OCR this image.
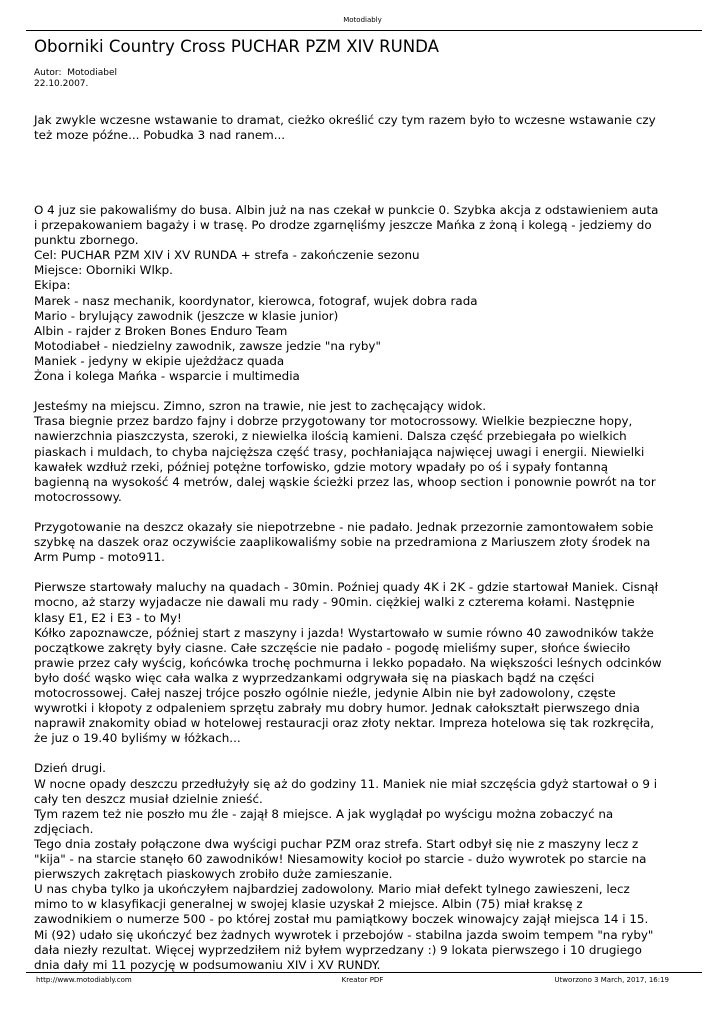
Motodiably
Oborniki Country Cross PUCHAR PZM XIV RUNDA
Autor:  Motodiabel
22.10.2007.
Jak zwykle wczesne wstawanie to dramat, cieżko określić czy tym razem było to wczesne wstawanie czy
też moze późne... Pobudka 3 nad ranem...
O 4 juz sie pakowaliśmy do busa. Albin już na nas czekał w punkcie 0. Szybka akcja z odstawieniem auta
i przepakowaniem bagaży i w trasę. Po drodze zgarnęliśmy jeszcze Mańka z żoną i kolegą - jedziemy do
punktu zbornego.
Cel: PUCHAR PZM XIV i XV RUNDA + strefa - zakończenie sezonu
Miejsce: Oborniki Wlkp.
Ekipa:
Marek - nasz mechanik, koordynator, kierowca, fotograf, wujek dobra rada
Mario - brylujący zawodnik (jeszcze w klasie junior)
Albin - rajder z Broken Bones Enduro Team
Motodiabeł - niedzielny zawodnik, zawsze jedzie "na ryby"
Maniek - jedyny w ekipie ujeżdżacz quada
Żona i kolega Mańka - wsparcie i multimedia
Jesteśmy na miejscu. Zimno, szron na trawie, nie jest to zachęcający widok.
Trasa biegnie przez bardzo fajny i dobrze przygotowany tor motocrossowy. Wielkie bezpieczne hopy,
nawierzchnia piaszczysta, szeroki, z niewielka ilością kamieni. Dalsza część przebiegała po wielkich
piaskach i muldach, to chyba najcięższa część trasy, pochłaniająca najwięcej uwagi i energii. Niewielki
kawałek wzdłuż rzeki, później potężne torfowisko, gdzie motory wpadały po oś i sypały fontanną
bagienną na wysokość 4 metrów, dalej wąskie ścieżki przez las, whoop section i ponownie powrót na tor
motocrossowy.
Przygotowanie na deszcz okazały sie niepotrzebne - nie padało. Jednak przezornie zamontowałem sobie
szybkę na daszek oraz oczywiście zaaplikowaliśmy sobie na przedramiona z Mariuszem złoty środek na
Arm Pump - moto911.
Pierwsze startowały maluchy na quadach - 30min. Poźniej quady 4K i 2K - gdzie startował Maniek. Cisnął
mocno, aż starzy wyjadacze nie dawali mu rady - 90min. ciężkiej walki z czterema kołami. Następnie
klasy E1, E2 i E3 - to My!
Kółko zapoznawcze, później start z maszyny i jazda! Wystartowało w sumie równo 40 zawodników także
początkowe zakręty były ciasne. Całe szczęście nie padało - pogodę mieliśmy super, słońce świeciło
prawie przez cały wyścig, końcówka trochę pochmurna i lekko popadało. Na większości leśnych odcinków
było dość wąsko więc cała walka z wyprzedzankami odgrywała się na piaskach bądź na części
motocrossowej. Całej naszej trójce poszło ogólnie nieźle, jedynie Albin nie był zadowolony, częste
wywrotki i kłopoty z odpaleniem sprzętu zabrały mu dobry humor. Jednak całokształt pierwszego dnia
naprawił znakomity obiad w hotelowej restauracji oraz złoty nektar. Impreza hotelowa się tak rozkręciła,
że juz o 19.40 byliśmy w łóżkach...
Dzień drugi.
W nocne opady deszczu przedłużyły się aż do godziny 11. Maniek nie miał szczęścia gdyż startował o 9 i
cały ten deszcz musiał dzielnie znieść.
Tym razem też nie poszło mu źle - zajął 8 miejsce. A jak wyglądał po wyścigu można zobaczyć na
zdjęciach.
Tego dnia zostały połączone dwa wyścigi puchar PZM oraz strefa. Start odbył się nie z maszyny lecz z
"kija" - na starcie stanęło 60 zawodników! Niesamowity kocioł po starcie - dużo wywrotek po starcie na
pierwszych zakrętach piaskowych zrobiło duże zamieszanie.
U nas chyba tylko ja ukończyłem najbardziej zadowolony. Mario miał defekt tylnego zawieszeni, lecz
mimo to w klasyfikacji generalnej w swojej klasie uzyskał 2 miejsce. Albin (75) miał kraksę z
zawodnikiem o numerze 500 - po której został mu pamiątkowy boczek winowajcy zajął miejsca 14 i 15.
Mi (92) udało się ukończyć bez żadnych wywrotek i przebojów - stabilna jazda swoim tempem "na ryby"
dała niezły rezultat. Więcej wyprzedziłem niż byłem wyprzedzany :) 9 lokata pierwszego i 10 drugiego
dnia dały mi 11 pozycję w podsumowaniu XIV i XV RUNDY.
http://www.motodiably.com	Kreator PDF	Utworzono 3 March, 2017, 16:19
